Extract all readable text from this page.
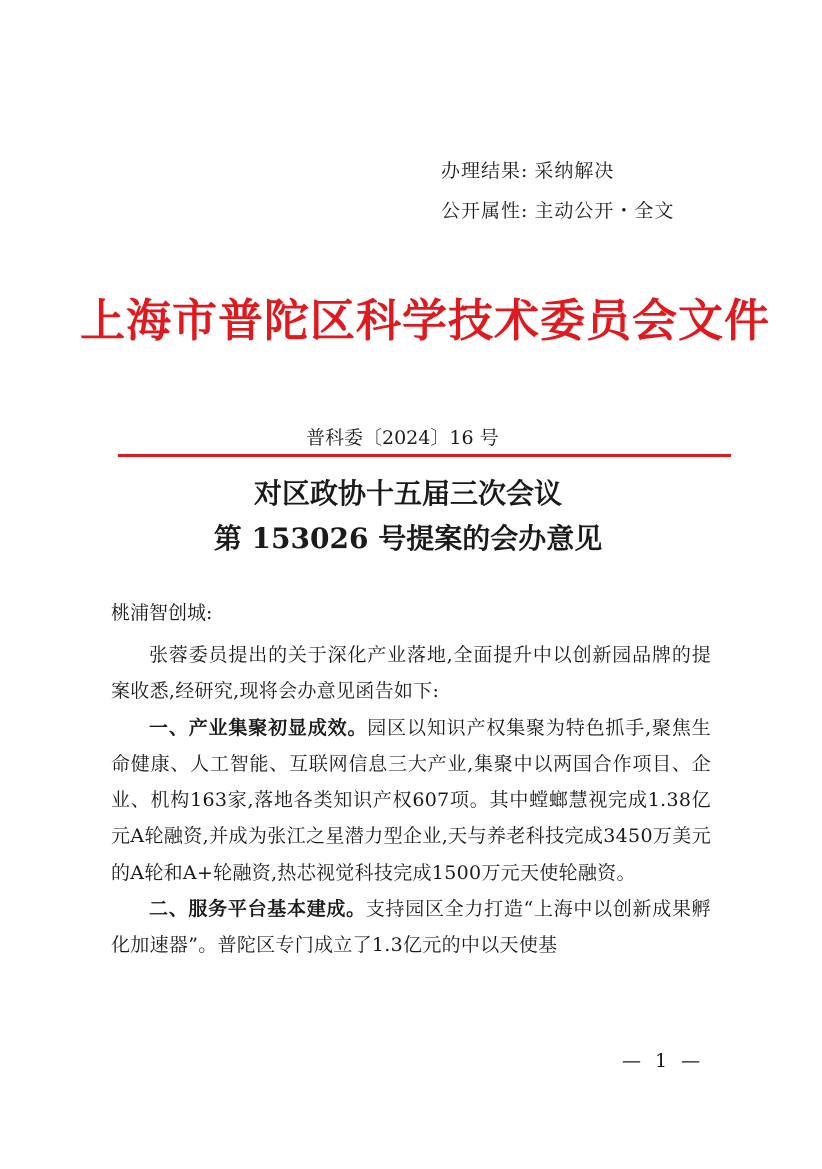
办理结果: 采纳解决
公开属性: 主动公开・全文
上海市普陀区科学技术委员会文件
普科委〔2024〕16 号
对区政协十五届三次会议
第 153026 号提案的会办意见
桃浦智创城:

张蓉委员提出的关于深化产业落地,全面提升中以创新园品牌的提案收悉,经研究,现将会办意见函告如下:

一、产业集聚初显成效。园区以知识产权集聚为特色抓手,聚焦生命健康、人工智能、互联网信息三大产业,集聚中以两国合作项目、企业、机构163家,落地各类知识产权607项。其中螳螂慧视完成1.38亿元A轮融资,并成为张江之星潜力型企业,天与养老科技完成3450万美元的A轮和A+轮融资,热芯视觉科技完成1500万元天使轮融资。

二、服务平台基本建成。支持园区全力打造“上海中以创新成果孵化加速器”。普陀区专门成立了1.3亿元的中以天使基

— 1 —
